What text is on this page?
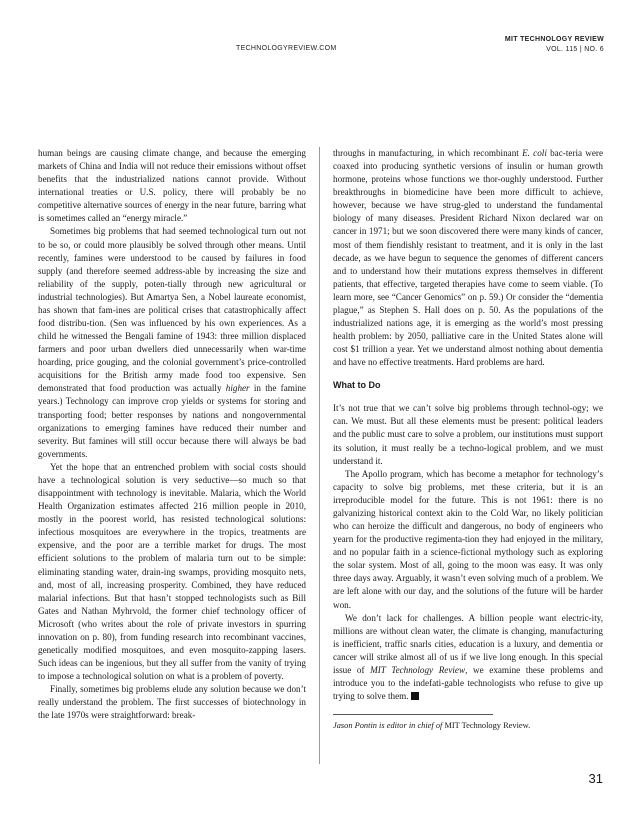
TECHNOLOGYREVIEW.COM
MIT TECHNOLOGY REVIEW
VOL. 115 | NO. 6

human beings are causing climate change, and because the emerging markets of China and India will not reduce their emissions without offset benefits that the industrialized nations cannot provide. Without international treaties or U.S. policy, there will probably be no competitive alternative sources of energy in the near future, barring what is sometimes called an “energy miracle.”

Sometimes big problems that had seemed technological turn out not to be so, or could more plausibly be solved through other means. Until recently, famines were understood to be caused by failures in food supply (and therefore seemed address-able by increasing the size and reliability of the supply, poten-tially through new agricultural or industrial technologies). But Amartya Sen, a Nobel laureate economist, has shown that fam-ines are political crises that catastrophically affect food distribu-tion. (Sen was influenced by his own experiences. As a child he witnessed the Bengali famine of 1943: three million displaced farmers and poor urban dwellers died unnecessarily when war-time hoarding, price gouging, and the colonial government’s price-controlled acquisitions for the British army made food too expensive. Sen demonstrated that food production was actually higher in the famine years.) Technology can improve crop yields or systems for storing and transporting food; better responses by nations and nongovernmental organizations to emerging famines have reduced their number and severity. But famines will still occur because there will always be bad governments.

Yet the hope that an entrenched problem with social costs should have a technological solution is very seductive—so much so that disappointment with technology is inevitable. Malaria, which the World Health Organization estimates affected 216 million people in 2010, mostly in the poorest world, has resisted technological solutions: infectious mosquitoes are everywhere in the tropics, treatments are expensive, and the poor are a terrible market for drugs. The most efficient solutions to the problem of malaria turn out to be simple: eliminating standing water, drain-ing swamps, providing mosquito nets, and, most of all, increasing prosperity. Combined, they have reduced malarial infections. But that hasn’t stopped technologists such as Bill Gates and Nathan Myhrvold, the former chief technology officer of Microsoft (who writes about the role of private investors in spurring innovation on p. 80), from funding research into recombinant vaccines, genetically modified mosquitoes, and even mosquito-zapping lasers. Such ideas can be ingenious, but they all suffer from the vanity of trying to impose a technological solution on what is a problem of poverty.

Finally, sometimes big problems elude any solution because we don’t really understand the problem. The first successes of biotechnology in the late 1970s were straightforward: break-

throughs in manufacturing, in which recombinant E. coli bac-teria were coaxed into producing synthetic versions of insulin or human growth hormone, proteins whose functions we thor-oughly understood. Further breakthroughs in biomedicine have been more difficult to achieve, however, because we have strug-gled to understand the fundamental biology of many diseases. President Richard Nixon declared war on cancer in 1971; but we soon discovered there were many kinds of cancer, most of them fiendishly resistant to treatment, and it is only in the last decade, as we have begun to sequence the genomes of different cancers and to understand how their mutations express themselves in different patients, that effective, targeted therapies have come to seem viable. (To learn more, see “Cancer Genomics” on p. 59.) Or consider the “dementia plague,” as Stephen S. Hall does on p. 50. As the populations of the industrialized nations age, it is emerging as the world’s most pressing health problem: by 2050, palliative care in the United States alone will cost $1 trillion a year. Yet we understand almost nothing about dementia and have no effective treatments. Hard problems are hard.

What to Do

It’s not true that we can’t solve big problems through technol-ogy; we can. We must. But all these elements must be present: political leaders and the public must care to solve a problem, our institutions must support its solution, it must really be a techno-logical problem, and we must understand it.

The Apollo program, which has become a metaphor for technology’s capacity to solve big problems, met these criteria, but it is an irreproducible model for the future. This is not 1961: there is no galvanizing historical context akin to the Cold War, no likely politician who can heroize the difficult and dangerous, no body of engineers who yearn for the productive regimenta-tion they had enjoyed in the military, and no popular faith in a science-fictional mythology such as exploring the solar system. Most of all, going to the moon was easy. It was only three days away. Arguably, it wasn’t even solving much of a problem. We are left alone with our day, and the solutions of the future will be harder won.

We don’t lack for challenges. A billion people want electric-ity, millions are without clean water, the climate is changing, manufacturing is inefficient, traffic snarls cities, education is a luxury, and dementia or cancer will strike almost all of us if we live long enough. In this special issue of MIT Technology Review, we examine these problems and introduce you to the indefati-gable technologists who refuse to give up trying to solve them.

Jason Pontin is editor in chief of MIT Technology Review.

31
